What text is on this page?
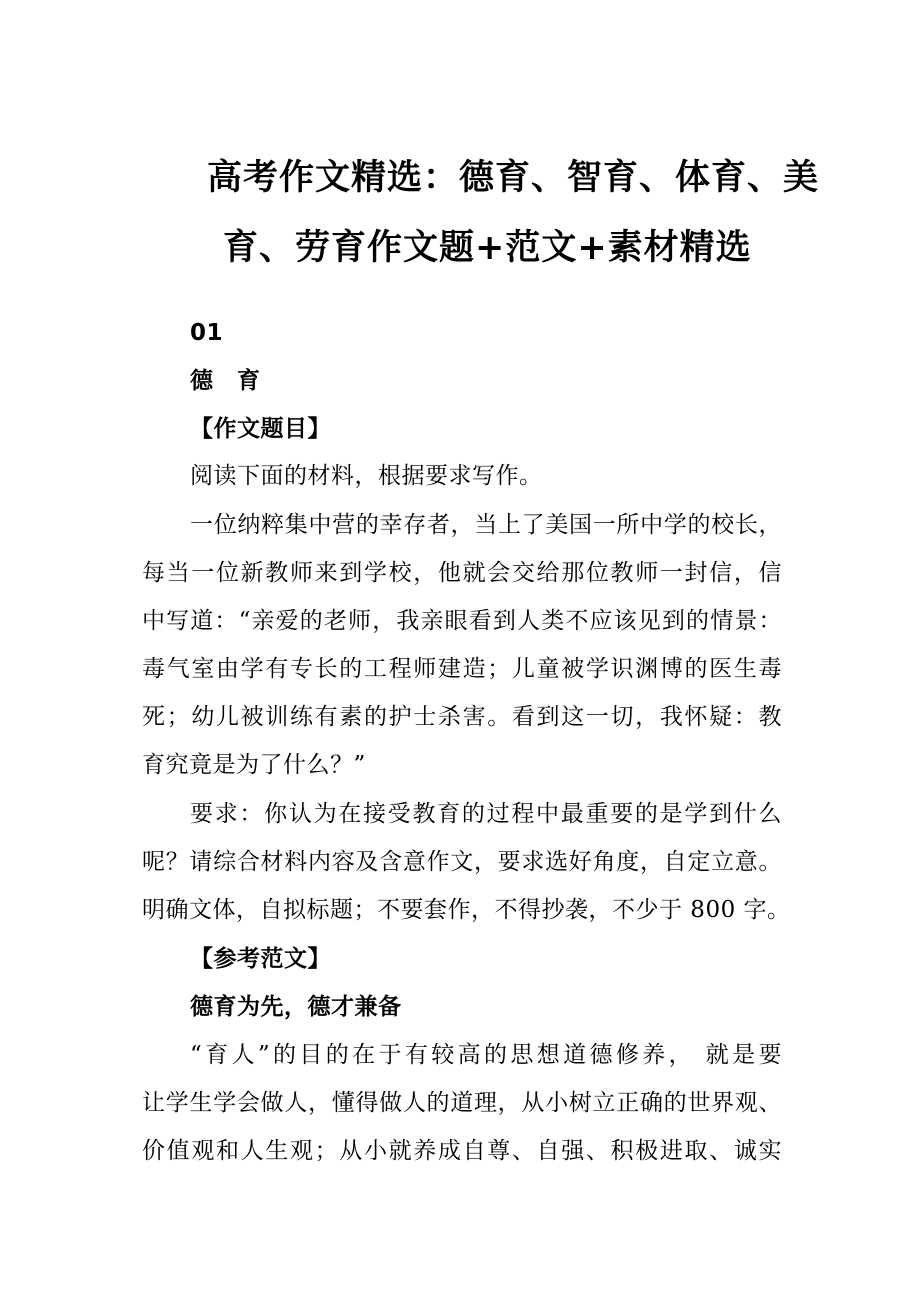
高考作文精选：德育、智育、体育、美
育、劳育作文题+范文+素材精选
01
德　育
【作文题目】
阅读下面的材料，根据要求写作。
一位纳粹集中营的幸存者，当上了美国一所中学的校长，
每当一位新教师来到学校，他就会交给那位教师一封信，信
中写道：“亲爱的老师，我亲眼看到人类不应该见到的情景：
毒气室由学有专长的工程师建造；儿童被学识渊博的医生毒
死；幼儿被训练有素的护士杀害。看到这一切，我怀疑：教
育究竟是为了什么？”
要求：你认为在接受教育的过程中最重要的是学到什么
呢？请综合材料内容及含意作文，要求选好角度，自定立意。
明确文体，自拟标题；不要套作，不得抄袭，不少于 800 字。
【参考范文】
德育为先，德才兼备
“育人”的目的在于有较高的思想道德修养， 就是要
让学生学会做人，懂得做人的道理，从小树立正确的世界观、
价值观和人生观；从小就养成自尊、自强、积极进取、诚实
